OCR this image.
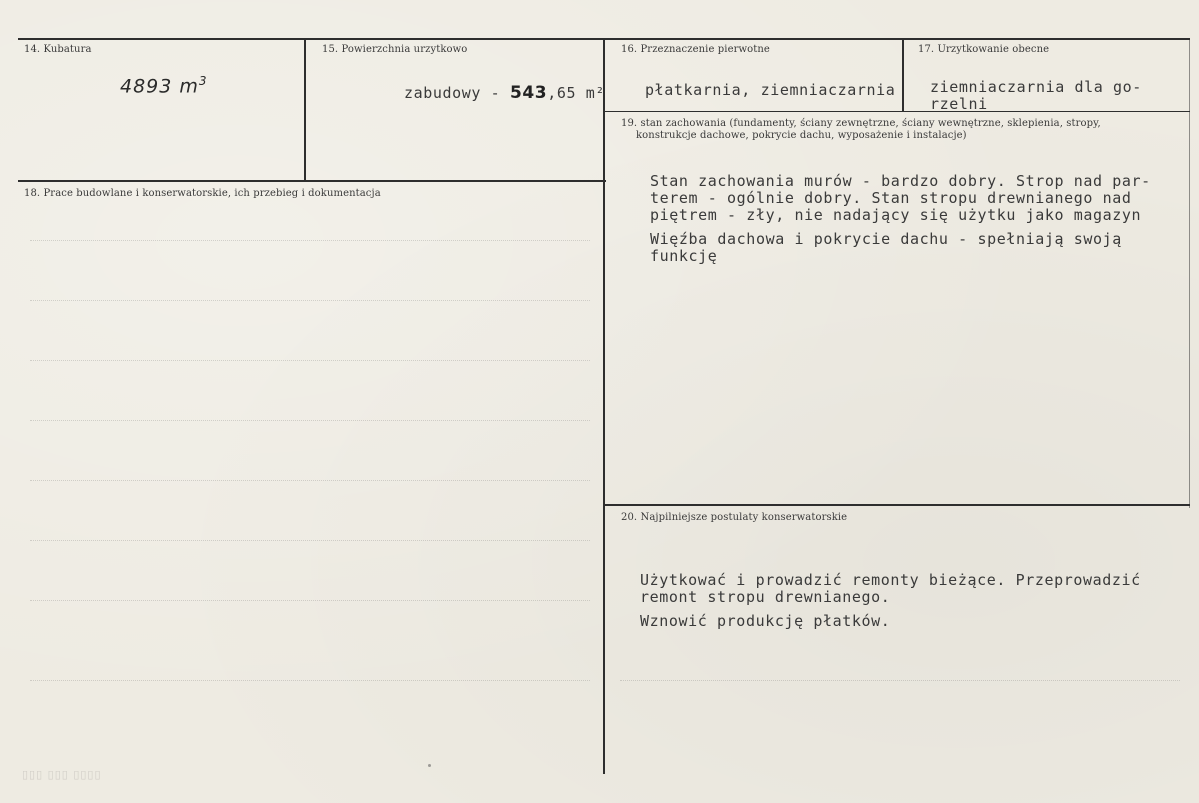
▯▯▯ ▯▯▯ ▯▯▯▯
14. Kubatura
4893 $m^3$
15. Powierzchnia urzytkowo
zabudowy - 543,65 m²
16. Przeznaczenie pierwotne
płatkarnia, ziemniaczarnia
17. Urzytkowanie obecne
ziemniaczarnia dla go-
rzelni
18. Prace budowlane i konserwatorskie, ich przebieg i dokumentacja
19. stan zachowania (fundamenty, ściany zewnętrzne, ściany wewnętrzne, sklepienia, stropy,
konstrukcje dachowe, pokrycie dachu, wyposażenie i instalacje)
Stan zachowania murów - bardzo dobry. Strop nad par-
terem - ogólnie dobry. Stan stropu drewnianego nad
piętrem - zły, nie nadający się użytku jako magazyn
Więźba dachowa i pokrycie dachu - spełniają swoją
funkcję
20. Najpilniejsze postulaty konserwatorskie
Użytkować i prowadzić remonty bieżące. Przeprowadzić
remont stropu drewnianego.
Wznowić produkcję płatków.
